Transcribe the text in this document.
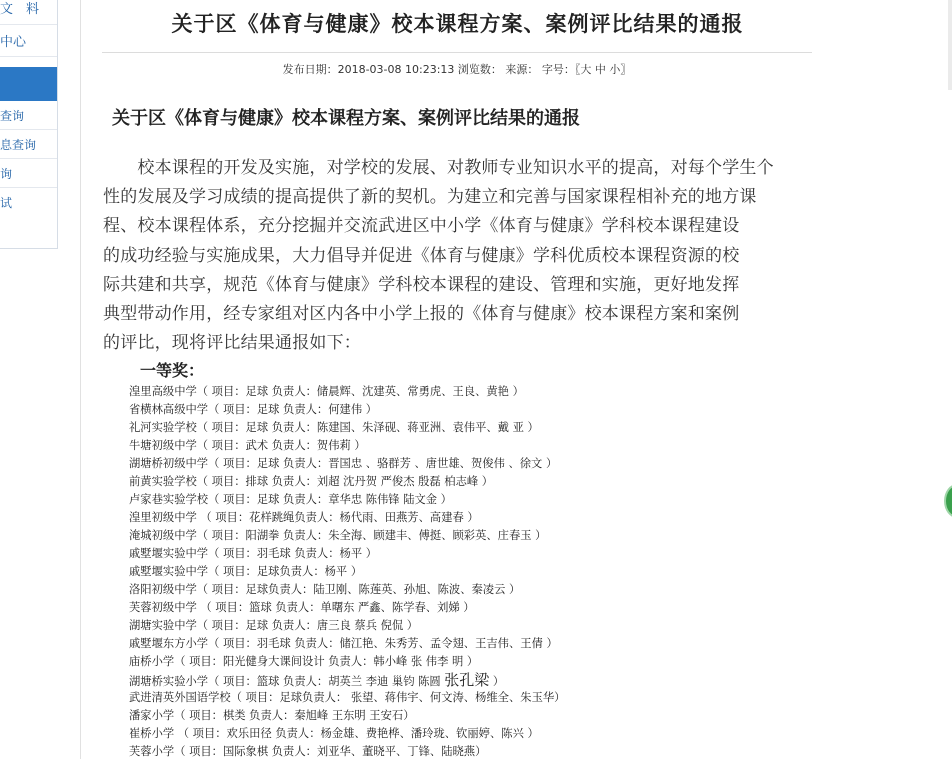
文　 料
中心
查询
息查询
询
试
关于区《体育与健康》校本课程方案、案例评比结果的通报
发布日期：2018-03-08 10:23:13 浏览数： 来源： 字号：〖大 中 小〗
关于区《体育与健康》校本课程方案、案例评比结果的通报

　　校本课程的开发及实施，对学校的发展、对教师专业知识水平的提高，对每个学生个

性的发展及学习成绩的提高提供了新的契机。为建立和完善与国家课程相补充的地方课

程、校本课程体系，充分挖掘并交流武进区中小学《体育与健康》学科校本课程建设

的成功经验与实施成果，大力倡导并促进《体育与健康》学科优质校本课程资源的校

际共建和共享，规范《体育与健康》学科校本课程的建设、管理和实施，更好地发挥

典型带动作用，经专家组对区内各中小学上报的《体育与健康》校本课程方案和案例

的评比，现将评比结果通报如下：

一等奖：
湟里高级中学（ 项目：足球 负责人：储晨辉、沈建英、常勇虎、王良、黄艳 ）
省横林高级中学（ 项目：足球 负责人：何建伟 ）
礼河实验学校（ 项目：足球 负责人：陈建国、朱泽砚、蒋亚洲、袁伟平、戴 亚 ）
牛塘初级中学（ 项目：武术 负责人：贺伟莉 ）
湖塘桥初级中学（ 项目：足球 负责人：晋国忠 、骆群芳 、唐世雄、贺俊伟 、徐文 ）
前黄实验学校（ 项目：排球 负责人：刘超 沈丹贺 严俊杰 殷磊 柏志峰 ）
卢家巷实验学校（ 项目：足球 负责人：章华忠 陈伟锋 陆文金 ）
湟里初级中学 （ 项目：花样跳绳负责人：杨代雨、田燕芳、高建春 ）
淹城初级中学（ 项目：阳湖拳 负责人：朱全海、顾建丰、傅挺、顾彩英、庄春玉 ）
戚墅堰实验中学（ 项目：羽毛球 负责人：杨平 ）
戚墅堰实验中学（ 项目：足球负责人：杨平 ）
洛阳初级中学（ 项目：足球负责人：陆卫刚、陈莲英、孙旭、陈波、秦凌云 ）
芙蓉初级中学 （ 项目：篮球 负责人：单曙东 严鑫、陈学春、刘娣 ）
湖塘实验中学（ 项目：足球 负责人：唐三良 蔡兵 倪侃 ）
戚墅堰东方小学（ 项目：羽毛球 负责人：储江艳、朱秀芳、孟令翅、王吉伟、王倩 ）
庙桥小学（ 项目：阳光健身大课间设计 负责人：韩小峰 张 伟李 明 ）
湖塘桥实验小学（ 项目：篮球 负责人：胡英兰 李迪 巢钧 陈圆 张孔梁 ）
武进清英外国语学校（ 项目：足球负责人： 张望、蒋伟宇、何文涛、杨维全、朱玉华）
潘家小学（ 项目：棋类 负责人：秦旭峰 王东明 王安石）
崔桥小学 （ 项目：欢乐田径 负责人：杨金雄、费艳桦、潘玲珑、钦丽婷、陈兴 ）
芙蓉小学（ 项目：国际象棋 负责人：刘亚华、董晓平、丁锋、陆晓燕）
